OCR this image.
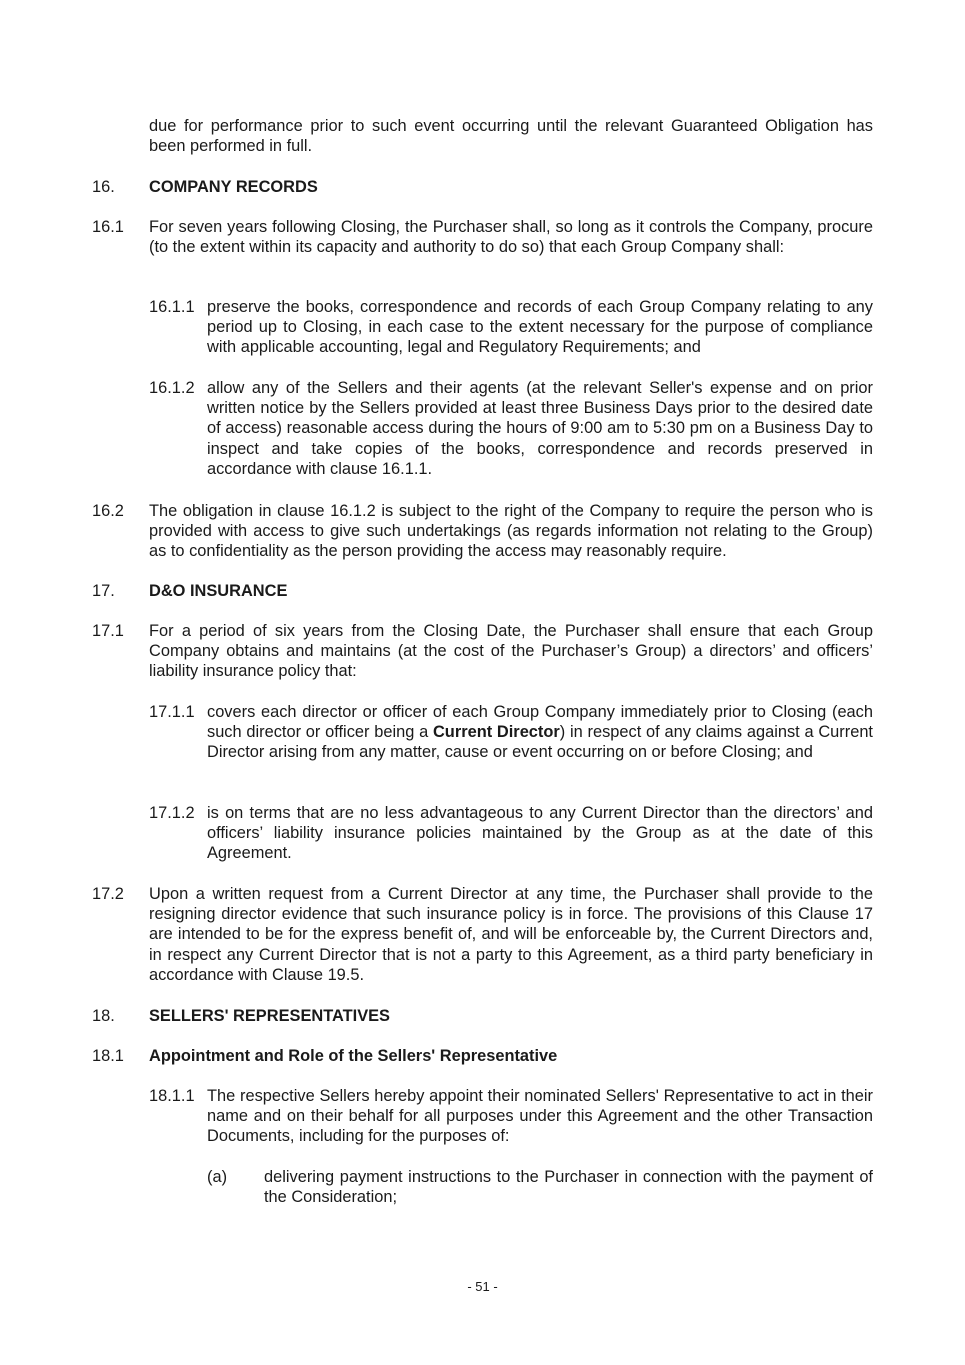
due for performance prior to such event occurring until the relevant Guaranteed Obligation has been performed in full.
16. COMPANY RECORDS
16.1 For seven years following Closing, the Purchaser shall, so long as it controls the Company, procure (to the extent within its capacity and authority to do so) that each Group Company shall:
16.1.1 preserve the books, correspondence and records of each Group Company relating to any period up to Closing, in each case to the extent necessary for the purpose of compliance with applicable accounting, legal and Regulatory Requirements; and
16.1.2 allow any of the Sellers and their agents (at the relevant Seller's expense and on prior written notice by the Sellers provided at least three Business Days prior to the desired date of access) reasonable access during the hours of 9:00 am to 5:30 pm on a Business Day to inspect and take copies of the books, correspondence and records preserved in accordance with clause 16.1.1.
16.2 The obligation in clause 16.1.2 is subject to the right of the Company to require the person who is provided with access to give such undertakings (as regards information not relating to the Group) as to confidentiality as the person providing the access may reasonably require.
17. D&O INSURANCE
17.1 For a period of six years from the Closing Date, the Purchaser shall ensure that each Group Company obtains and maintains (at the cost of the Purchaser’s Group) a directors’ and officers’ liability insurance policy that:
17.1.1 covers each director or officer of each Group Company immediately prior to Closing (each such director or officer being a Current Director) in respect of any claims against a Current Director arising from any matter, cause or event occurring on or before Closing; and
17.1.2 is on terms that are no less advantageous to any Current Director than the directors’ and officers’ liability insurance policies maintained by the Group as at the date of this Agreement.
17.2 Upon a written request from a Current Director at any time, the Purchaser shall provide to the resigning director evidence that such insurance policy is in force. The provisions of this Clause 17 are intended to be for the express benefit of, and will be enforceable by, the Current Directors and, in respect any Current Director that is not a party to this Agreement, as a third party beneficiary in accordance with Clause 19.5.
18. SELLERS' REPRESENTATIVES
18.1 Appointment and Role of the Sellers' Representative
18.1.1 The respective Sellers hereby appoint their nominated Sellers' Representative to act in their name and on their behalf for all purposes under this Agreement and the other Transaction Documents, including for the purposes of:
(a) delivering payment instructions to the Purchaser in connection with the payment of the Consideration;
- 51 -
